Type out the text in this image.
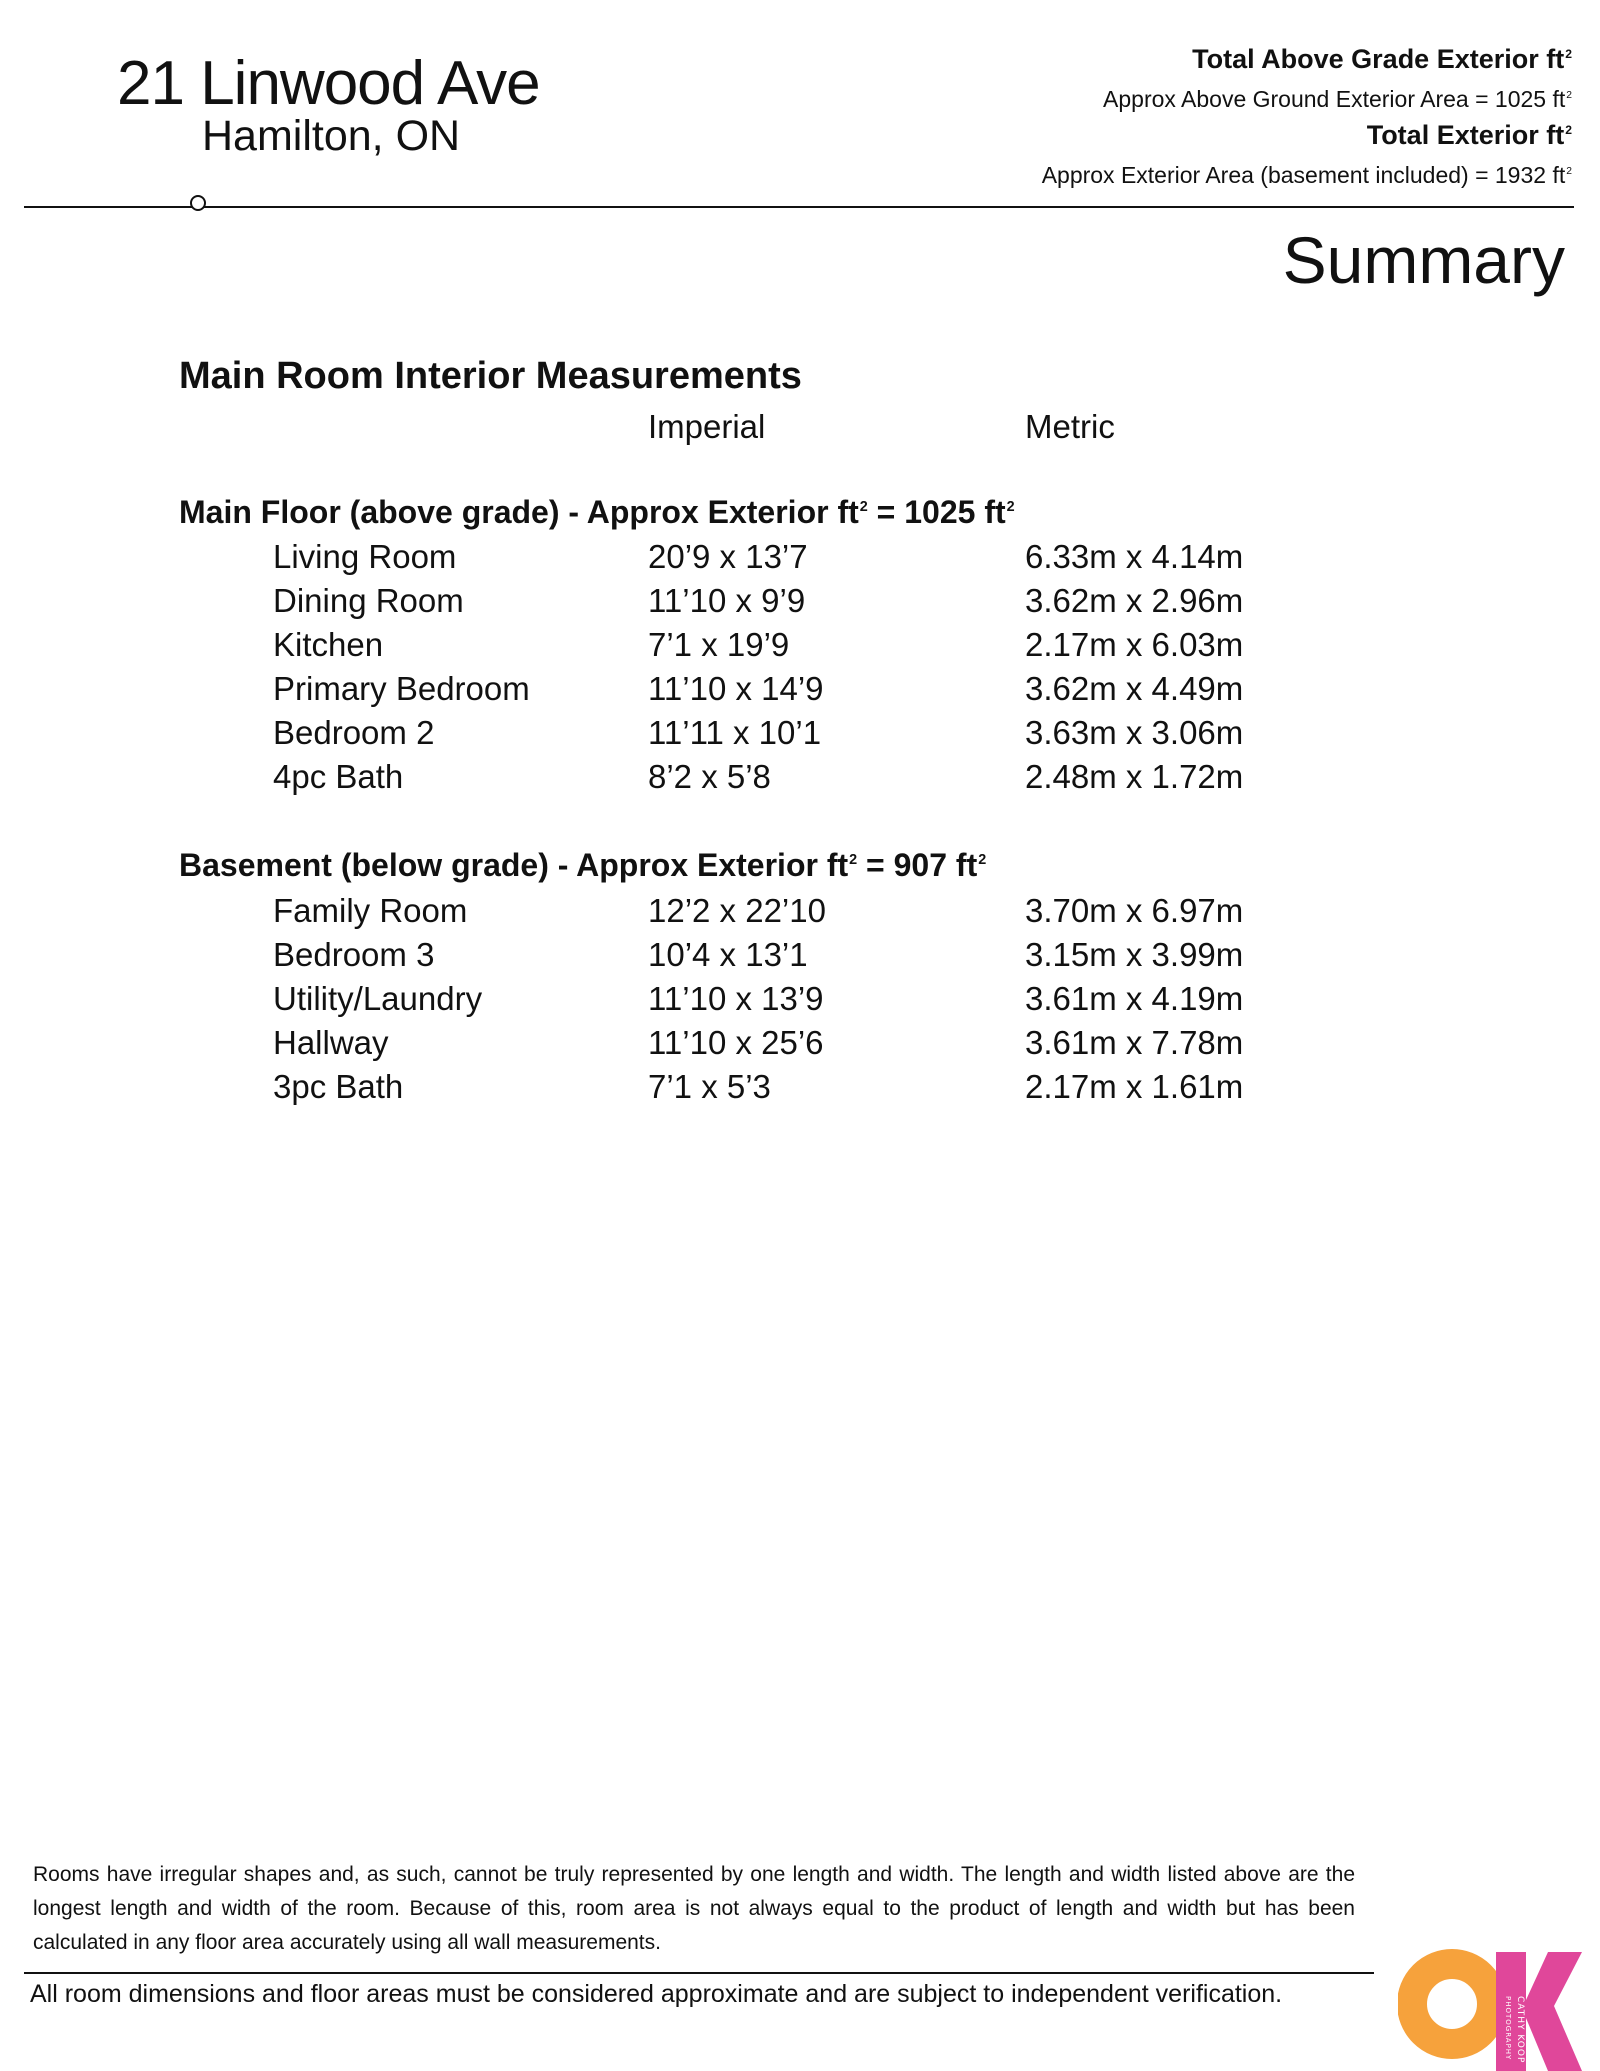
21 Linwood Ave
Hamilton, ON
Total Above Grade Exterior $ft^2$
Approx Above Ground Exterior Area = 1025 $ft^2$
Total Exterior $ft^2$
Approx Exterior Area (basement included) = 1932 $ft^2$
Summary
Main Room Interior Measurements
Imperial	Metric
Main Floor (above grade) - Approx Exterior $ft^2 = 1025$ $ft^2$
Living Room	20’9 x 13’7	6.33m x 4.14m
Dining Room	11’10 x 9’9	3.62m x 2.96m
Kitchen	7’1 x 19’9	2.17m x 6.03m
Primary Bedroom	11’10 x 14’9	3.62m x 4.49m
Bedroom 2	11’11 x 10’1	3.63m x 3.06m
4pc Bath	8’2 x 5’8	2.48m x 1.72m
Basement (below grade) - Approx Exterior $ft^2 = 907$ $ft^2$
Family Room	12’2 x 22’10	3.70m x 6.97m
Bedroom 3	10’4 x 13’1	3.15m x 3.99m
Utility/Laundry	11’10 x 13’9	3.61m x 4.19m
Hallway	11’10 x 25’6	3.61m x 7.78m
3pc Bath	7’1 x 5’3	2.17m x 1.61m
Rooms have irregular shapes and, as such, cannot be truly represented by one length and width. The length and width listed above are the longest length and width of the room. Because of this, room area is not always equal to the product of length and width but has been calculated in any floor area accurately using all wall measurements.
All room dimensions and floor areas must be considered approximate and are subject to independent verification.
CATHY KOOP
PHOTOGRAPHY
